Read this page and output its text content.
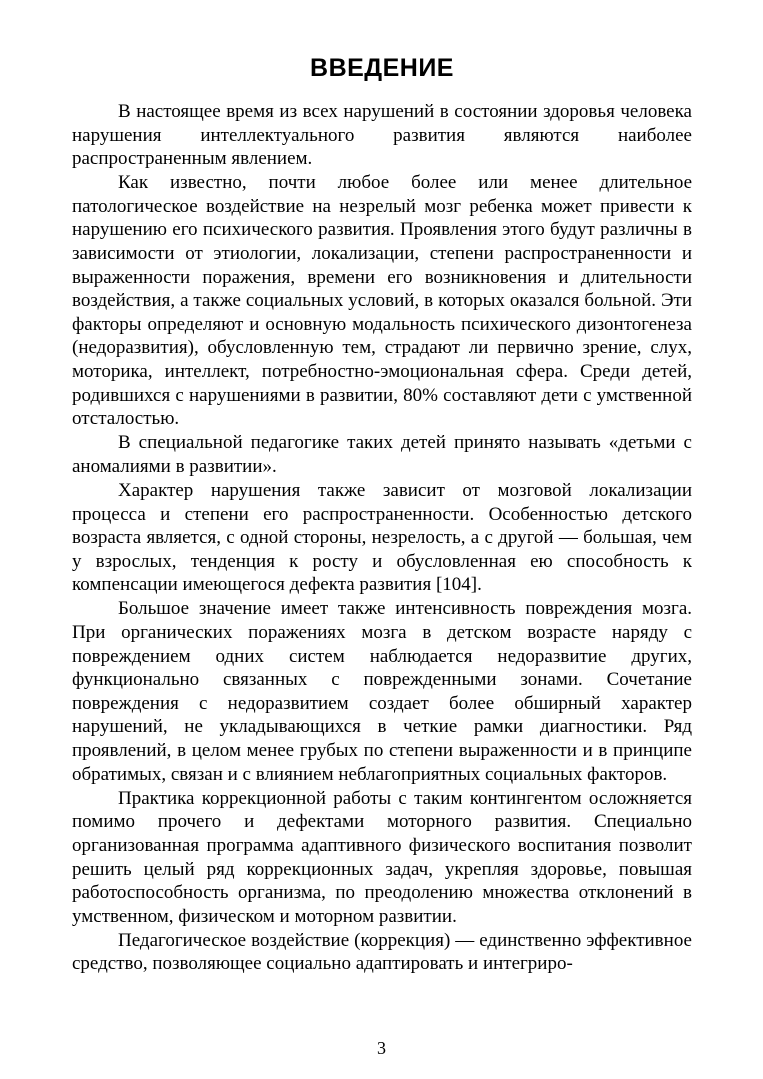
ВВЕДЕНИЕ

В настоящее время из всех нарушений в состоянии здоровья человека нарушения интеллектуального развития являются наиболее распространенным явлением.

Как известно, почти любое более или менее длительное патологическое воздействие на незрелый мозг ребенка может привести к нарушению его психического развития. Проявления этого будут различны в зависимости от этиологии, локализации, степени распространенности и выраженности поражения, времени его возникновения и длительности воздействия, а также социальных условий, в которых оказался больной. Эти факторы определяют и основную модальность психического дизонтогенеза (недоразвития), обусловленную тем, страдают ли первично зрение, слух, моторика, интеллект, потребностно-эмоциональная сфера. Среди детей, родившихся с нарушениями в развитии, 80% составляют дети с умственной отсталостью.

В специальной педагогике таких детей принято называть «детьми с аномалиями в развитии».

Характер нарушения также зависит от мозговой локализации процесса и степени его распространенности. Особенностью детского возраста является, с одной стороны, незрелость, а с другой — большая, чем у взрослых, тенденция к росту и обусловленная ею способность к компенсации имеющегося дефекта развития [104].

Большое значение имеет также интенсивность повреждения мозга. При органических поражениях мозга в детском возрасте наряду с повреждением одних систем наблюдается недоразвитие других, функционально связанных с поврежденными зонами. Сочетание повреждения с недоразвитием создает более обширный характер нарушений, не укладывающихся в четкие рамки диагностики. Ряд проявлений, в целом менее грубых по степени выраженности и в принципе обратимых, связан и с влиянием неблагоприятных социальных факторов.

Практика коррекционной работы с таким контингентом осложняется помимо прочего и дефектами моторного развития. Специально организованная программа адаптивного физического воспитания позволит решить целый ряд коррекционных задач, укрепляя здоровье, повышая работоспособность организма, по преодолению множества отклонений в умственном, физическом и моторном развитии.

Педагогическое воздействие (коррекция) — единственно эффективное средство, позволяющее социально адаптировать и интегриро-

3
